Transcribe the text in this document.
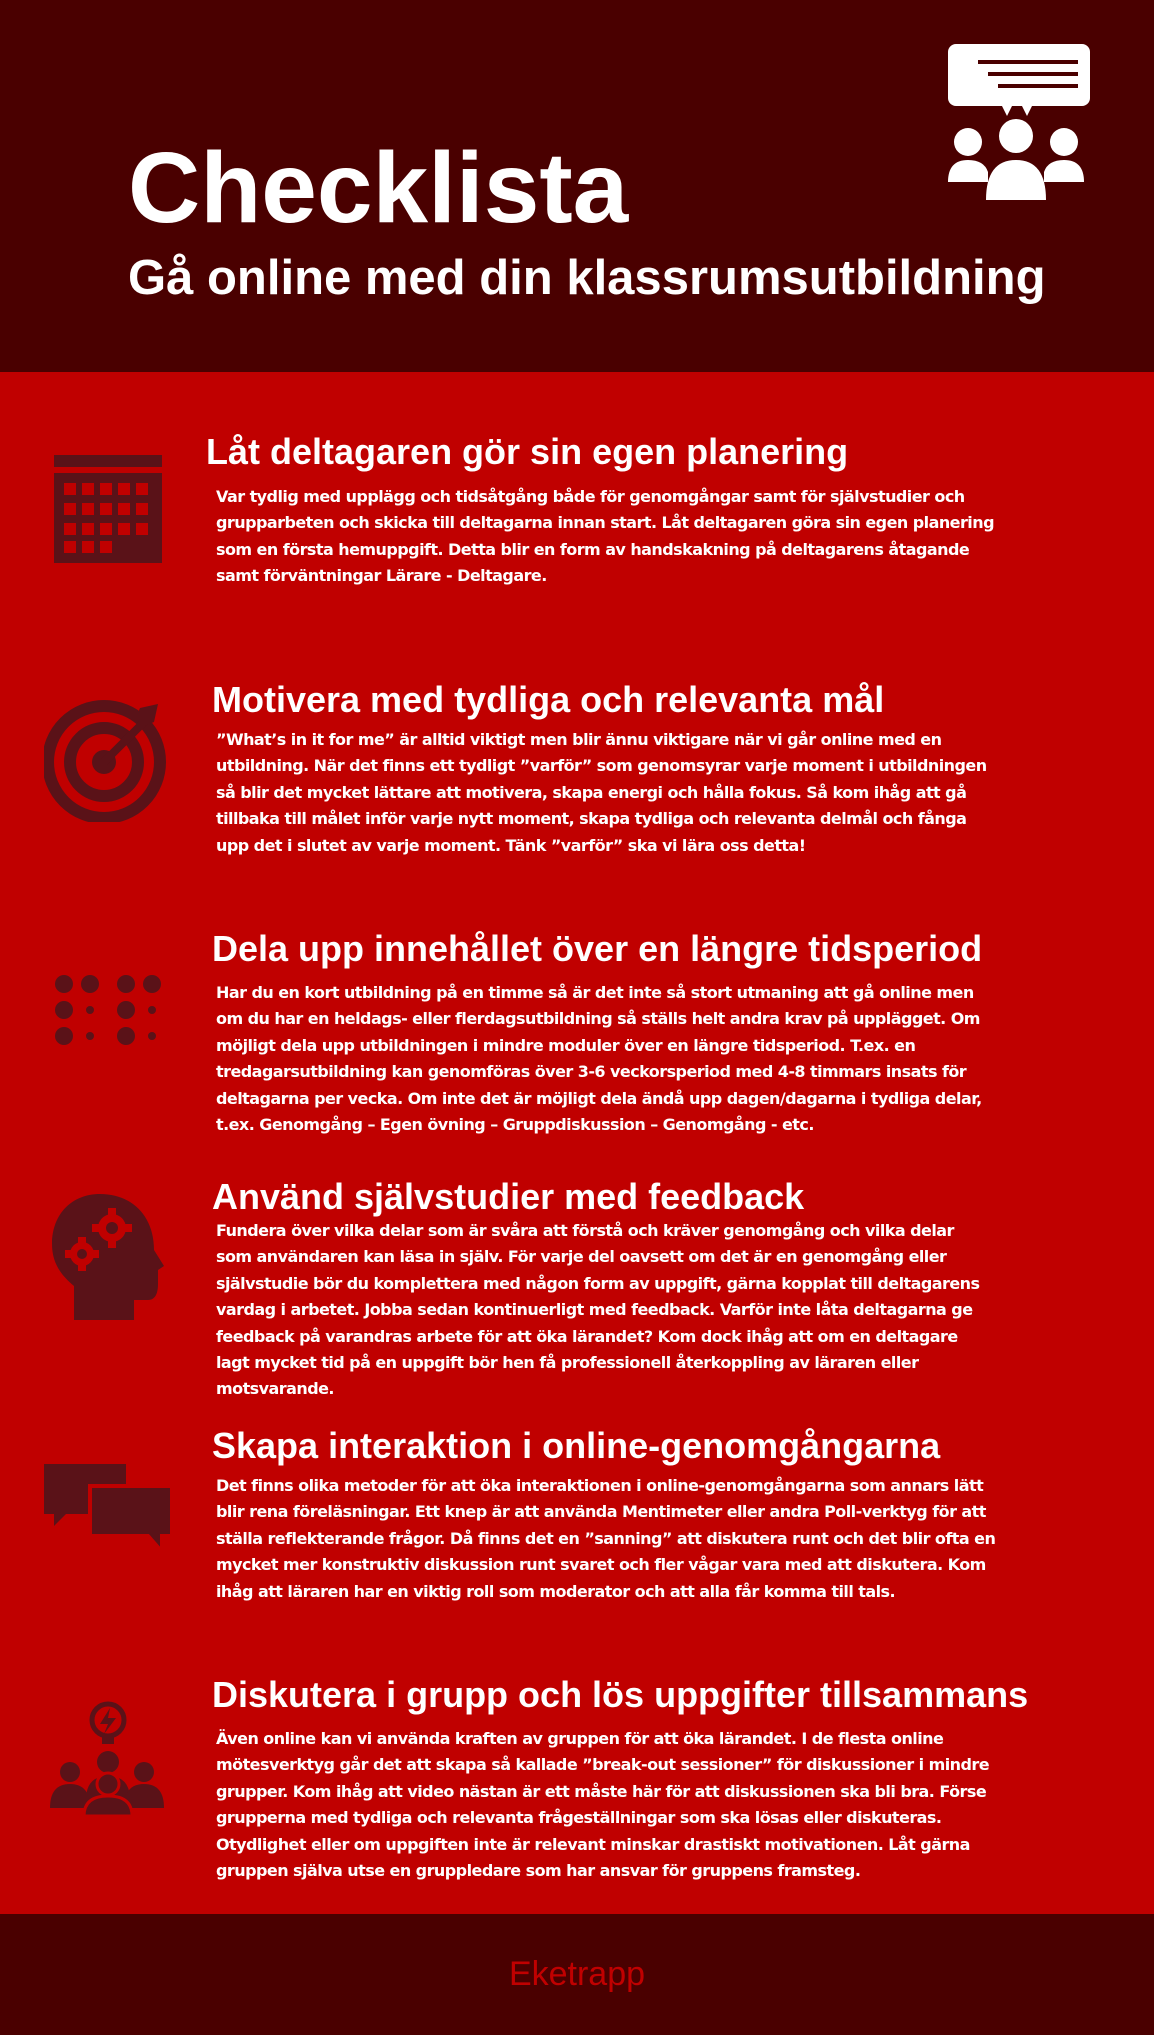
Checklista
Gå online med din klassrumsutbildning
Låt deltagaren gör sin egen planering

Var tydlig med upplägg och tidsåtgång både för genomgångar samt för självstudier och
grupparbeten och skicka till deltagarna innan start. Låt deltagaren göra sin egen planering
som en första hemuppgift. Detta blir en form av handskakning på deltagarens åtagande
samt förväntningar Lärare - Deltagare.

Motivera med tydliga och relevanta mål

”What’s in it for me” är alltid viktigt men blir ännu viktigare när vi går online med en
utbildning. När det finns ett tydligt ”varför” som genomsyrar varje moment i utbildningen
så blir det mycket lättare att motivera, skapa energi och hålla fokus. Så kom ihåg att gå
tillbaka till målet inför varje nytt moment, skapa tydliga och relevanta delmål och fånga
upp det i slutet av varje moment. Tänk ”varför” ska vi lära oss detta!

Dela upp innehållet över en längre tidsperiod

Har du en kort utbildning på en timme så är det inte så stort utmaning att gå online men
om du har en heldags- eller flerdagsutbildning så ställs helt andra krav på upplägget. Om
möjligt dela upp utbildningen i mindre moduler över en längre tidsperiod. T.ex. en
tredagarsutbildning kan genomföras över 3-6 veckorsperiod med 4-8 timmars insats för
deltagarna per vecka. Om inte det är möjligt dela ändå upp dagen/dagarna i tydliga delar,
t.ex. Genomgång – Egen övning – Gruppdiskussion – Genomgång - etc.

Använd självstudier med feedback

Fundera över vilka delar som är svåra att förstå och kräver genomgång och vilka delar
som användaren kan läsa in själv. För varje del oavsett om det är en genomgång eller
självstudie bör du komplettera med någon form av uppgift, gärna kopplat till deltagarens
vardag i arbetet. Jobba sedan kontinuerligt med feedback. Varför inte låta deltagarna ge
feedback på varandras arbete för att öka lärandet? Kom dock ihåg att om en deltagare
lagt mycket tid på en uppgift bör hen få professionell återkoppling av läraren eller
motsvarande.

Skapa interaktion i online-genomgångarna

Det finns olika metoder för att öka interaktionen i online-genomgångarna som annars lätt
blir rena föreläsningar. Ett knep är att använda Mentimeter eller andra Poll-verktyg för att
ställa reflekterande frågor. Då finns det en ”sanning” att diskutera runt och det blir ofta en
mycket mer konstruktiv diskussion runt svaret och fler vågar vara med att diskutera. Kom
ihåg att läraren har en viktig roll som moderator och att alla får komma till tals.

Diskutera i grupp och lös uppgifter tillsammans

Även online kan vi använda kraften av gruppen för att öka lärandet. I de flesta online
mötesverktyg går det att skapa så kallade ”break-out sessioner” för diskussioner i mindre
grupper. Kom ihåg att video nästan är ett måste här för att diskussionen ska bli bra. Förse
grupperna med tydliga och relevanta frågeställningar som ska lösas eller diskuteras.
Otydlighet eller om uppgiften inte är relevant minskar drastiskt motivationen. Låt gärna
gruppen själva utse en gruppledare som har ansvar för gruppens framsteg.

Eketrapp
